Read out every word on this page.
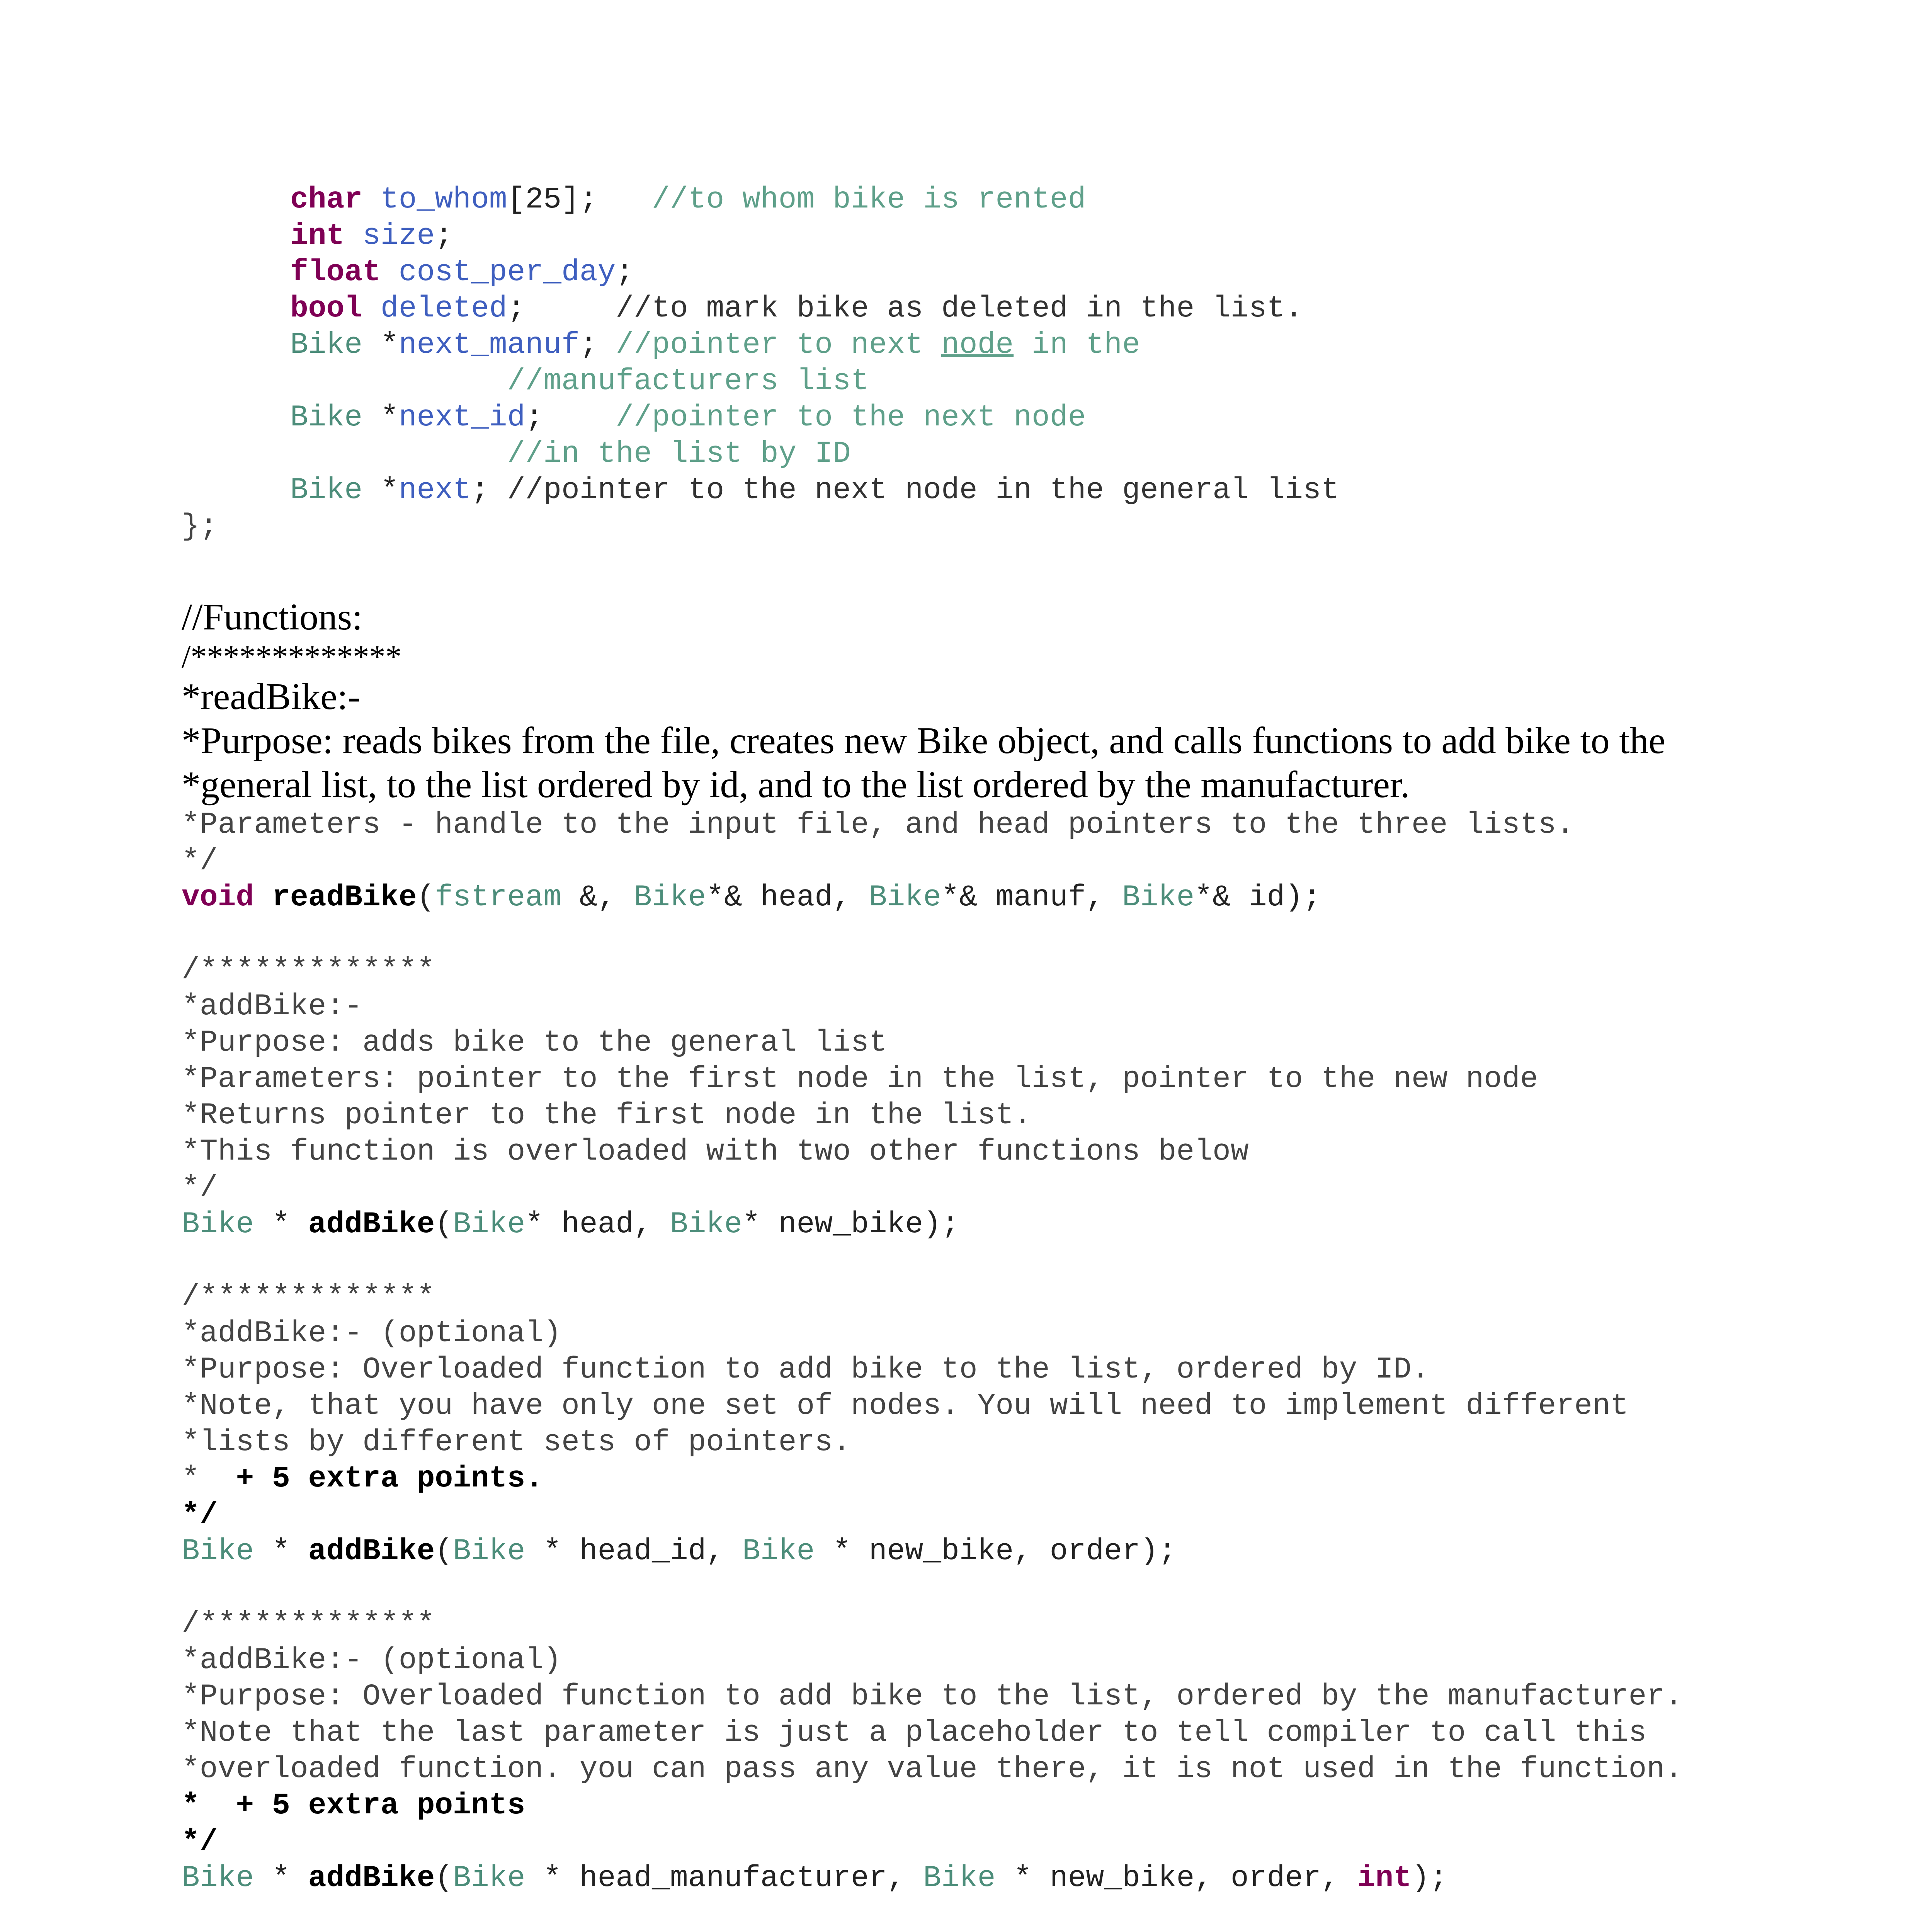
char to_whom[25];   //to whom bike is rented
int size;
float cost_per_day;
bool deleted;     //to mark bike as deleted in the list.
Bike *next_manuf; //pointer to next node in the
//manufacturers list
Bike *next_id;    //pointer to the next node
//in the list by ID
Bike *next; //pointer to the next node in the general list
};
//Functions:
/*************
*readBike:-
*Purpose: reads bikes from the file, creates new Bike object, and calls functions to add bike to the
*general list, to the list ordered by id, and to the list ordered by the manufacturer.
*Parameters - handle to the input file, and head pointers to the three lists.
*/
void readBike(fstream &, Bike*& head, Bike*& manuf, Bike*& id);
/*************
*addBike:-
*Purpose: adds bike to the general list
*Parameters: pointer to the first node in the list, pointer to the new node
*Returns pointer to the first node in the list.
*This function is overloaded with two other functions below
*/
Bike * addBike(Bike* head, Bike* new_bike);
/*************
*addBike:- (optional)
*Purpose: Overloaded function to add bike to the list, ordered by ID.
*Note, that you have only one set of nodes. You will need to implement different
*lists by different sets of pointers.
*  + 5 extra points.
*/
Bike * addBike(Bike * head_id, Bike * new_bike, order);
/*************
*addBike:- (optional)
*Purpose: Overloaded function to add bike to the list, ordered by the manufacturer.
*Note that the last parameter is just a placeholder to tell compiler to call this
*overloaded function. you can pass any value there, it is not used in the function.
*  + 5 extra points
*/
Bike * addBike(Bike * head_manufacturer, Bike * new_bike, order, int);
